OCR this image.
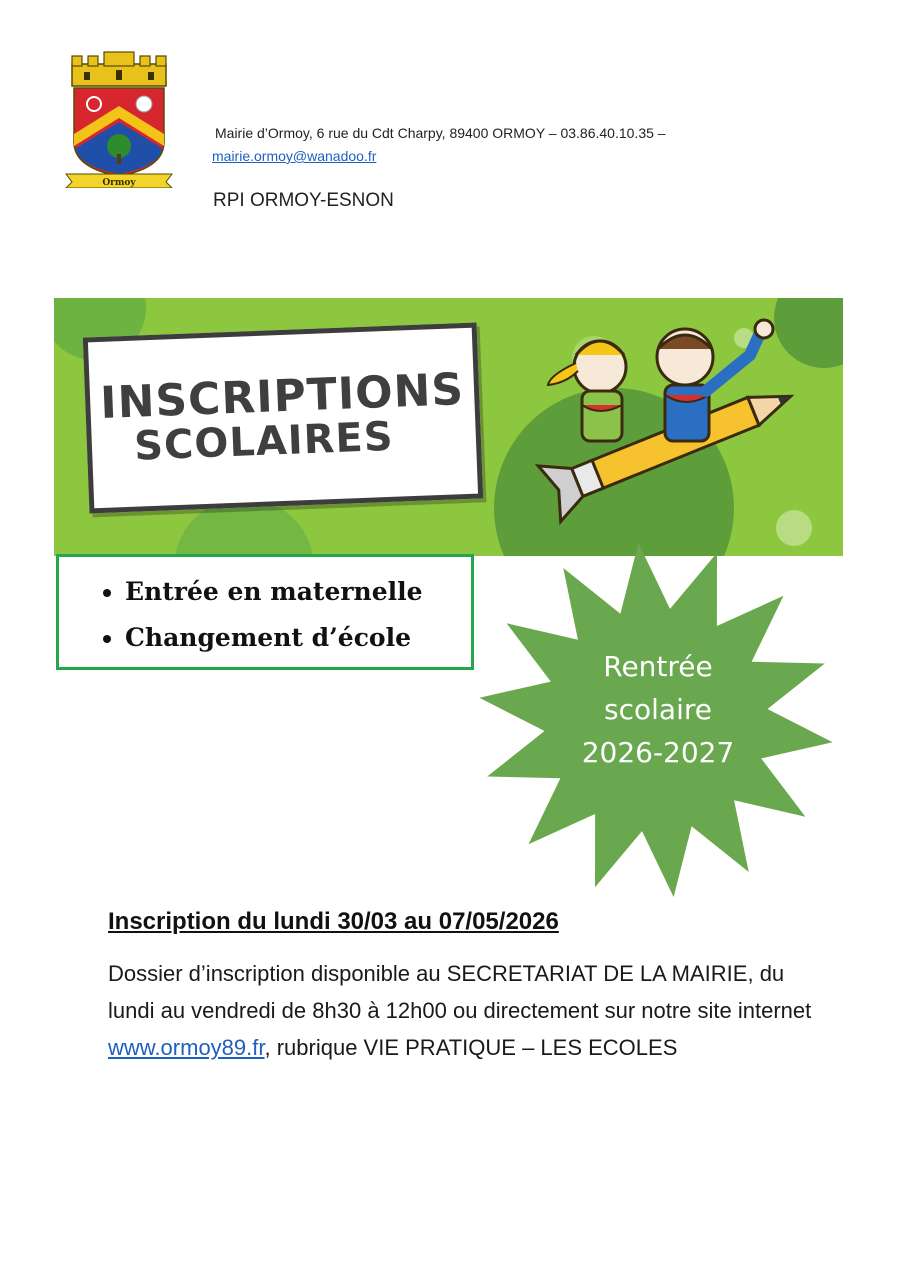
Ormoy
Mairie d’Ormoy, 6 rue du Cdt Charpy, 89400 ORMOY – 03.86.40.10.35 –
mairie.ormoy@wanadoo.fr
RPI ORMOY-ESNON
INSCRIPTIONS
SCOLAIRES
• Entrée en maternelle
• Changement d’école
Rentrée
scolaire
2026-2027
Inscription du lundi 30/03 au 07/05/2026
Dossier d’inscription disponible au SECRETARIAT DE LA MAIRIE, du lundi au vendredi de 8h30 à 12h00 ou directement sur notre site internet www.ormoy89.fr, rubrique VIE PRATIQUE – LES ECOLES
